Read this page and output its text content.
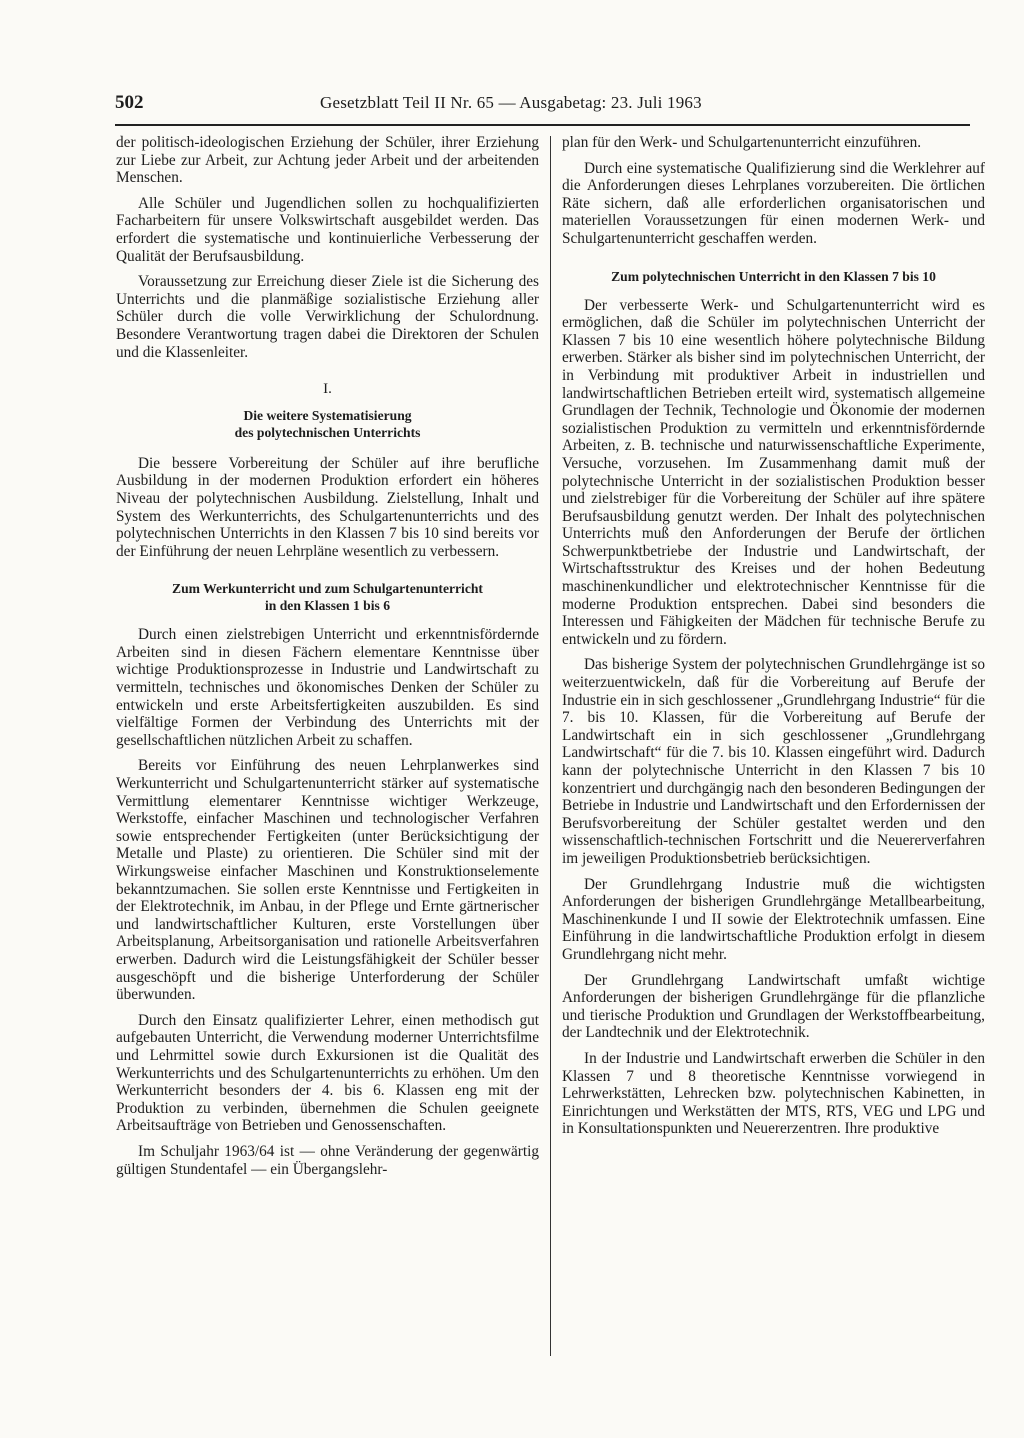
502	Gesetzblatt Teil II Nr. 65 — Ausgabetag: 23. Juli 1963

der politisch-ideologischen Erziehung der Schüler, ihrer Erziehung zur Liebe zur Arbeit, zur Achtung jeder Arbeit und der arbeitenden Menschen.

Alle Schüler und Jugendlichen sollen zu hochqualifizierten Facharbeitern für unsere Volkswirtschaft ausgebildet werden. Das erfordert die systematische und kontinuierliche Verbesserung der Qualität der Berufsausbildung.

Voraussetzung zur Erreichung dieser Ziele ist die Sicherung des Unterrichts und die planmäßige sozialistische Erziehung aller Schüler durch die volle Verwirklichung der Schulordnung. Besondere Verantwortung tragen dabei die Direktoren der Schulen und die Klassenleiter.

I.
Die weitere Systematisierung
des polytechnischen Unterrichts

Die bessere Vorbereitung der Schüler auf ihre berufliche Ausbildung in der modernen Produktion erfordert ein höheres Niveau der polytechnischen Ausbildung. Zielstellung, Inhalt und System des Werkunterrichts, des Schulgartenunterrichts und des polytechnischen Unterrichts in den Klassen 7 bis 10 sind bereits vor der Einführung der neuen Lehrpläne wesentlich zu verbessern.

Zum Werkunterricht und zum Schulgartenunterricht
in den Klassen 1 bis 6

Durch einen zielstrebigen Unterricht und erkenntnisfördernde Arbeiten sind in diesen Fächern elementare Kenntnisse über wichtige Produktionsprozesse in Industrie und Landwirtschaft zu vermitteln, technisches und ökonomisches Denken der Schüler zu entwickeln und erste Arbeitsfertigkeiten auszubilden. Es sind vielfältige Formen der Verbindung des Unterrichts mit der gesellschaftlichen nützlichen Arbeit zu schaffen.

Bereits vor Einführung des neuen Lehrplanwerkes sind Werkunterricht und Schulgartenunterricht stärker auf systematische Vermittlung elementarer Kenntnisse wichtiger Werkzeuge, Werkstoffe, einfacher Maschinen und technologischer Verfahren sowie entsprechender Fertigkeiten (unter Berücksichtigung der Metalle und Plaste) zu orientieren. Die Schüler sind mit der Wirkungsweise einfacher Maschinen und Konstruktionselemente bekanntzumachen. Sie sollen erste Kenntnisse und Fertigkeiten in der Elektrotechnik, im Anbau, in der Pflege und Ernte gärtnerischer und landwirtschaftlicher Kulturen, erste Vorstellungen über Arbeitsplanung, Arbeitsorganisation und rationelle Arbeitsverfahren erwerben. Dadurch wird die Leistungsfähigkeit der Schüler besser ausgeschöpft und die bisherige Unterforderung der Schüler überwunden.

Durch den Einsatz qualifizierter Lehrer, einen methodisch gut aufgebauten Unterricht, die Verwendung moderner Unterrichtsfilme und Lehrmittel sowie durch Exkursionen ist die Qualität des Werkunterrichts und des Schulgartenunterrichts zu erhöhen. Um den Werkunterricht besonders der 4. bis 6. Klassen eng mit der Produktion zu verbinden, übernehmen die Schulen geeignete Arbeitsaufträge von Betrieben und Genossenschaften.

Im Schuljahr 1963/64 ist — ohne Veränderung der gegenwärtig gültigen Stundentafel — ein Übergangslehr-

plan für den Werk- und Schulgartenunterricht einzuführen.

Durch eine systematische Qualifizierung sind die Werklehrer auf die Anforderungen dieses Lehrplanes vorzubereiten. Die örtlichen Räte sichern, daß alle erforderlichen organisatorischen und materiellen Voraussetzungen für einen modernen Werk- und Schulgartenunterricht geschaffen werden.

Zum polytechnischen Unterricht in den Klassen 7 bis 10

Der verbesserte Werk- und Schulgartenunterricht wird es ermöglichen, daß die Schüler im polytechnischen Unterricht der Klassen 7 bis 10 eine wesentlich höhere polytechnische Bildung erwerben. Stärker als bisher sind im polytechnischen Unterricht, der in Verbindung mit produktiver Arbeit in industriellen und landwirtschaftlichen Betrieben erteilt wird, systematisch allgemeine Grundlagen der Technik, Technologie und Ökonomie der modernen sozialistischen Produktion zu vermitteln und erkenntnisfördernde Arbeiten, z. B. technische und naturwissenschaftliche Experimente, Versuche, vorzusehen. Im Zusammenhang damit muß der polytechnische Unterricht in der sozialistischen Produktion besser und zielstrebiger für die Vorbereitung der Schüler auf ihre spätere Berufsausbildung genutzt werden. Der Inhalt des polytechnischen Unterrichts muß den Anforderungen der Berufe der örtlichen Schwerpunktbetriebe der Industrie und Landwirtschaft, der Wirtschaftsstruktur des Kreises und der hohen Bedeutung maschinenkundlicher und elektrotechnischer Kenntnisse für die moderne Produktion entsprechen. Dabei sind besonders die Interessen und Fähigkeiten der Mädchen für technische Berufe zu entwickeln und zu fördern.

Das bisherige System der polytechnischen Grundlehrgänge ist so weiterzuentwickeln, daß für die Vorbereitung auf Berufe der Industrie ein in sich geschlossener „Grundlehrgang Industrie“ für die 7. bis 10. Klassen, für die Vorbereitung auf Berufe der Landwirtschaft ein in sich geschlossener „Grundlehrgang Landwirtschaft“ für die 7. bis 10. Klassen eingeführt wird. Dadurch kann der polytechnische Unterricht in den Klassen 7 bis 10 konzentriert und durchgängig nach den besonderen Bedingungen der Betriebe in Industrie und Landwirtschaft und den Erfordernissen der Berufsvorbereitung der Schüler gestaltet werden und den wissenschaftlich-technischen Fortschritt und die Neuererverfahren im jeweiligen Produktionsbetrieb berücksichtigen.

Der Grundlehrgang Industrie muß die wichtigsten Anforderungen der bisherigen Grundlehrgänge Metallbearbeitung, Maschinenkunde I und II sowie der Elektrotechnik umfassen. Eine Einführung in die landwirtschaftliche Produktion erfolgt in diesem Grundlehrgang nicht mehr.

Der Grundlehrgang Landwirtschaft umfaßt wichtige Anforderungen der bisherigen Grundlehrgänge für die pflanzliche und tierische Produktion und Grundlagen der Werkstoffbearbeitung, der Landtechnik und der Elektrotechnik.

In der Industrie und Landwirtschaft erwerben die Schüler in den Klassen 7 und 8 theoretische Kenntnisse vorwiegend in Lehrwerkstätten, Lehrecken bzw. polytechnischen Kabinetten, in Einrichtungen und Werkstätten der MTS, RTS, VEG und LPG und in Konsultationspunkten und Neuererzentren. Ihre produktive
